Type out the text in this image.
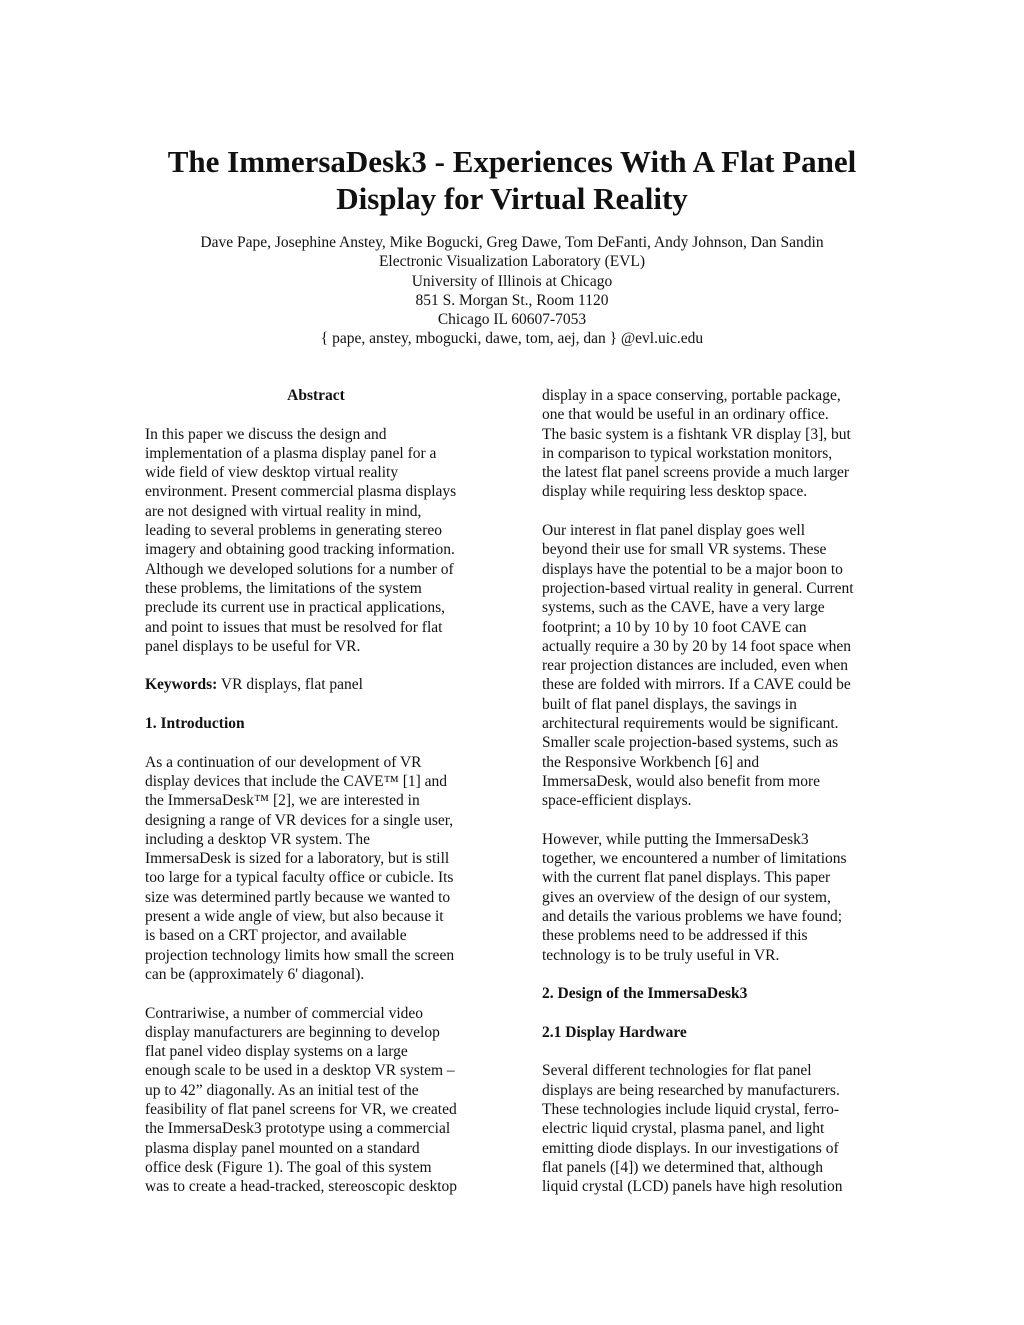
The ImmersaDesk3 - Experiences With A Flat Panel
Display for Virtual Reality
Dave Pape, Josephine Anstey, Mike Bogucki, Greg Dawe, Tom DeFanti, Andy Johnson, Dan Sandin
Electronic Visualization Laboratory (EVL)
University of Illinois at Chicago
851 S. Morgan St., Room 1120
Chicago IL 60607-7053
{ pape, anstey, mbogucki, dawe, tom, aej, dan } @evl.uic.edu

Abstract

In this paper we discuss the design and
implementation of a plasma display panel for a
wide field of view desktop virtual reality
environment. Present commercial plasma displays
are not designed with virtual reality in mind,
leading to several problems in generating stereo
imagery and obtaining good tracking information.
Although we developed solutions for a number of
these problems, the limitations of the system
preclude its current use in practical applications,
and point to issues that must be resolved for flat
panel displays to be useful for VR.

Keywords: VR displays, flat panel

1. Introduction

As a continuation of our development of VR
display devices that include the CAVE™ [1] and
the ImmersaDesk™ [2], we are interested in
designing a range of VR devices for a single user,
including a desktop VR system. The
ImmersaDesk is sized for a laboratory, but is still
too large for a typical faculty office or cubicle. Its
size was determined partly because we wanted to
present a wide angle of view, but also because it
is based on a CRT projector, and available
projection technology limits how small the screen
can be (approximately 6' diagonal).

Contrariwise, a number of commercial video
display manufacturers are beginning to develop
flat panel video display systems on a large
enough scale to be used in a desktop VR system –
up to 42” diagonally. As an initial test of the
feasibility of flat panel screens for VR, we created
the ImmersaDesk3 prototype using a commercial
plasma display panel mounted on a standard
office desk (Figure 1). The goal of this system
was to create a head-tracked, stereoscopic desktop

display in a space conserving, portable package,
one that would be useful in an ordinary office.
The basic system is a fishtank VR display [3], but
in comparison to typical workstation monitors,
the latest flat panel screens provide a much larger
display while requiring less desktop space.

Our interest in flat panel display goes well
beyond their use for small VR systems. These
displays have the potential to be a major boon to
projection-based virtual reality in general. Current
systems, such as the CAVE, have a very large
footprint; a 10 by 10 by 10 foot CAVE can
actually require a 30 by 20 by 14 foot space when
rear projection distances are included, even when
these are folded with mirrors. If a CAVE could be
built of flat panel displays, the savings in
architectural requirements would be significant.
Smaller scale projection-based systems, such as
the Responsive Workbench [6] and
ImmersaDesk, would also benefit from more
space-efficient displays.

However, while putting the ImmersaDesk3
together, we encountered a number of limitations
with the current flat panel displays. This paper
gives an overview of the design of our system,
and details the various problems we have found;
these problems need to be addressed if this
technology is to be truly useful in VR.

2. Design of the ImmersaDesk3

2.1 Display Hardware

Several different technologies for flat panel
displays are being researched by manufacturers.
These technologies include liquid crystal, ferro-
electric liquid crystal, plasma panel, and light
emitting diode displays. In our investigations of
flat panels ([4]) we determined that, although
liquid crystal (LCD) panels have high resolution
